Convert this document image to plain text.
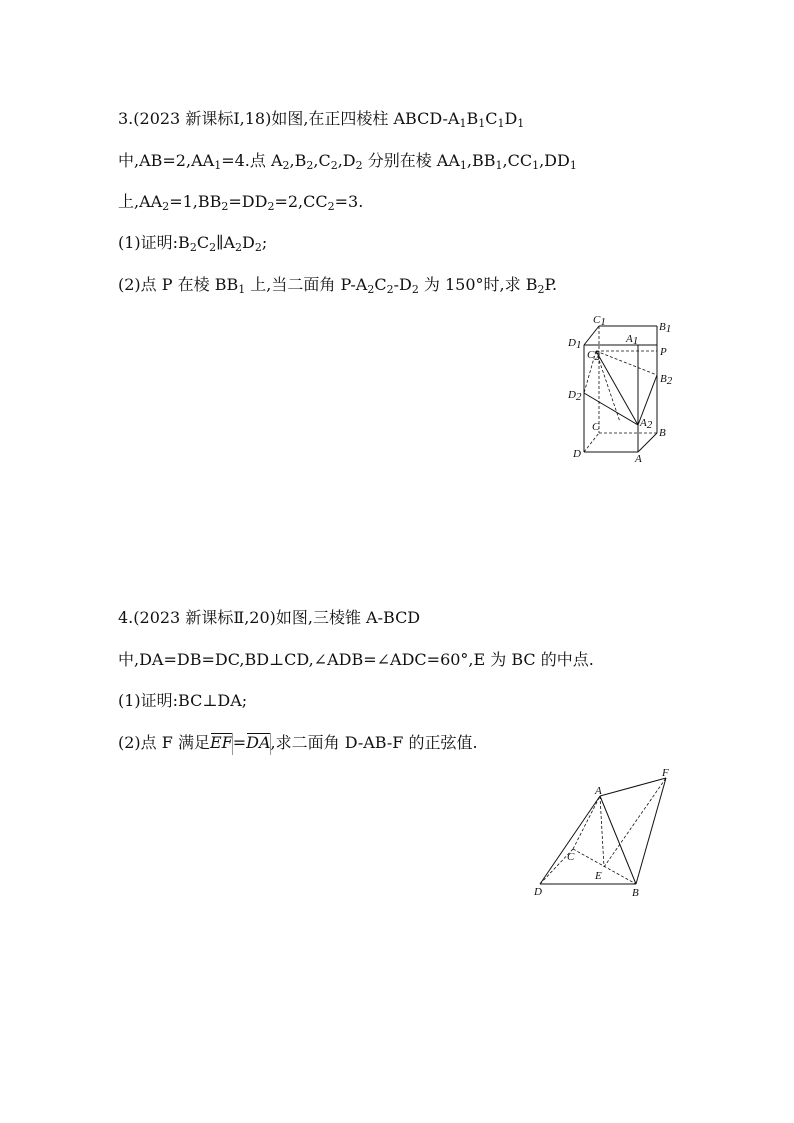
3.(2023 新课标Ⅰ,18)如图,在正四棱柱 ABCD-$A_1B_1C_1D_1$
中$,AB=2,AA_1=4$.点 $A_2,B_2,C_2,D_2$ 分别在棱 $AA_1,BB_1,CC_1,DD_1$
上$,AA_2=1,BB_2=DD_2=2,CC_2=3$.
(1)证明$:B_2C_2\parallel A_2D_2$;
(2)点 P 在棱 $BB_1$ 上,当二面角 $P-A_2C_2-D_2$ 为 150°时,求 $B_2P$.
C1	B1
D1	A1
C2	P
B2
D2
A2
C	B
D	A
4.(2023 新课标Ⅱ,20)如图,三棱锥 A-BCD
中,DA=DB=DC,BD⊥CD,∠ADB=∠ADC=60°,E 为 BC 的中点.
(1)证明:BC⊥DA;
(2)点 F 满足EF=DA,求二面角 D-AB-F 的正弦值.
A
F
C
E
D	B
